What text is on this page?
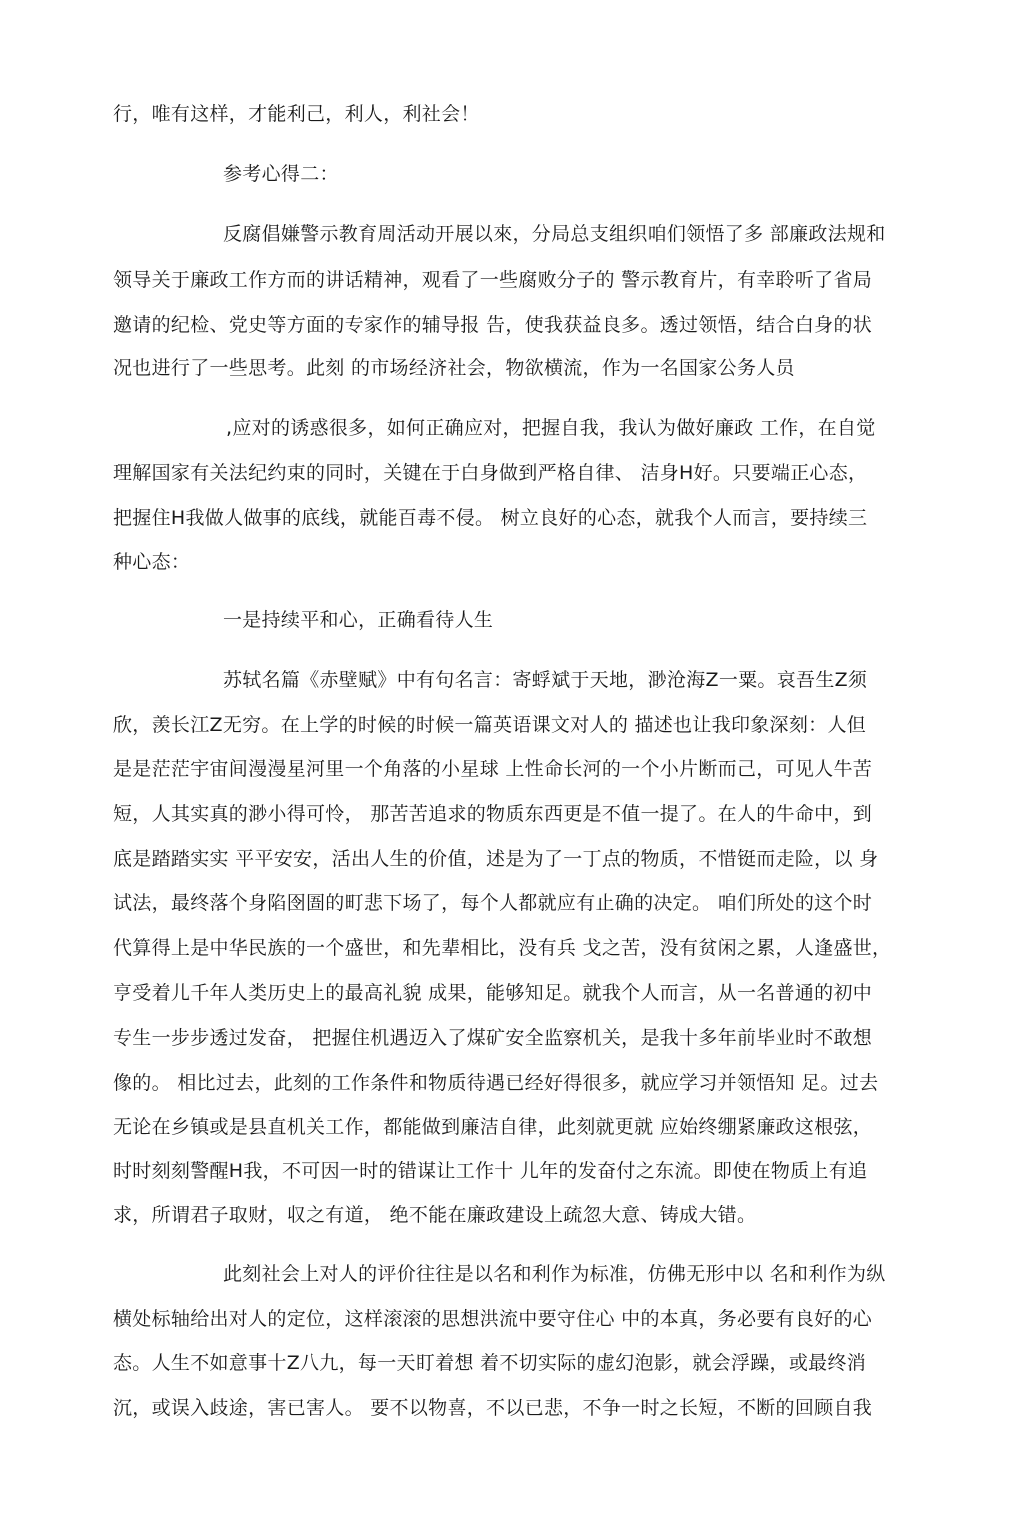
行，唯有这样，才能利己，利人，利社会！
参考心得二：
反腐倡嫌警示教育周活动开展以來，分局总支组织咱们领悟了多 部廉政法规和
领导关于廉政工作方而的讲话精神，观看了一些腐败分子的 警示教育片，有幸聆听了省局
邀请的纪检、党史等方面的专家作的辅导报 告，使我获益良多。透过领悟，结合白身的状
况也进行了一些思考。此刻 的市场经济社会，物欲横流，作为一名国家公务人员
,应对的诱惑很多，如何正确应对，把握自我，我认为做好廉政 工作，在自觉
理解国家有关法纪约束的同时，关键在于白身做到严格自律、 洁身H好。只要端正心态，
把握住H我做人做事的底线，就能百毒不侵。 树立良好的心态，就我个人而言，要持续三
种心态：
一是持续平和心，正确看待人生
苏轼名篇《赤壁赋》中有句名言：寄蜉斌于天地，渺沧海Z一粟。哀吾生Z须
欣，羡长江Z无穷。在上学的时候的时候一篇英语课文对人的 描述也让我印象深刻：人但
是是茫茫宇宙间漫漫星河里一个角落的小星球 上性命长河的一个小片断而己，可见人牛苦
短，人其实真的渺小得可怜， 那苦苦追求的物质东西更是不值一提了。在人的牛命中，到
底是踏踏实实 平平安安，活出人生的价值，述是为了一丁点的物质，不惜铤而走险，以 身
试法，最终落个身陷囹圄的町悲下场了，每个人都就应有止确的决定。 咱们所处的这个时
代算得上是中华民族的一个盛世，和先辈相比，没有兵 戈之苦，没有贫闲之累，人逢盛世，
亨受着儿千年人类历史上的最高礼貌 成果，能够知足。就我个人而言，从一名普通的初中
专生一步步透过发奋， 把握住机遇迈入了煤矿安全监察机关，是我十多年前毕业时不敢想
像的。 相比过去，此刻的工作条件和物质待遇已经好得很多，就应学习并领悟知 足。过去
无论在乡镇或是县直机关工作，都能做到廉洁自律，此刻就更就 应始终绷紧廉政这根弦，
时时刻刻警醒H我，不可因一时的错谋让工作十 儿年的发奋付之东流。即使在物质上有追
求，所谓君子取财，収之有道， 绝不能在廉政建设上疏忽大意、铸成大错。
此刻社会上对人的评价往往是以名和利作为标准，仿佛无形中以 名和利作为纵
横处标轴给出对人的定位，这样滚滚的思想洪流中要守住心 中的本真，务必要有良好的心
态。人生不如意事十Z八九，每一天盯着想 着不切实际的虚幻泡影，就会浮躁，或最终消
沉，或误入歧途，害已害人。 要不以物喜，不以已悲，不争一时之长短，不断的回顾自我
